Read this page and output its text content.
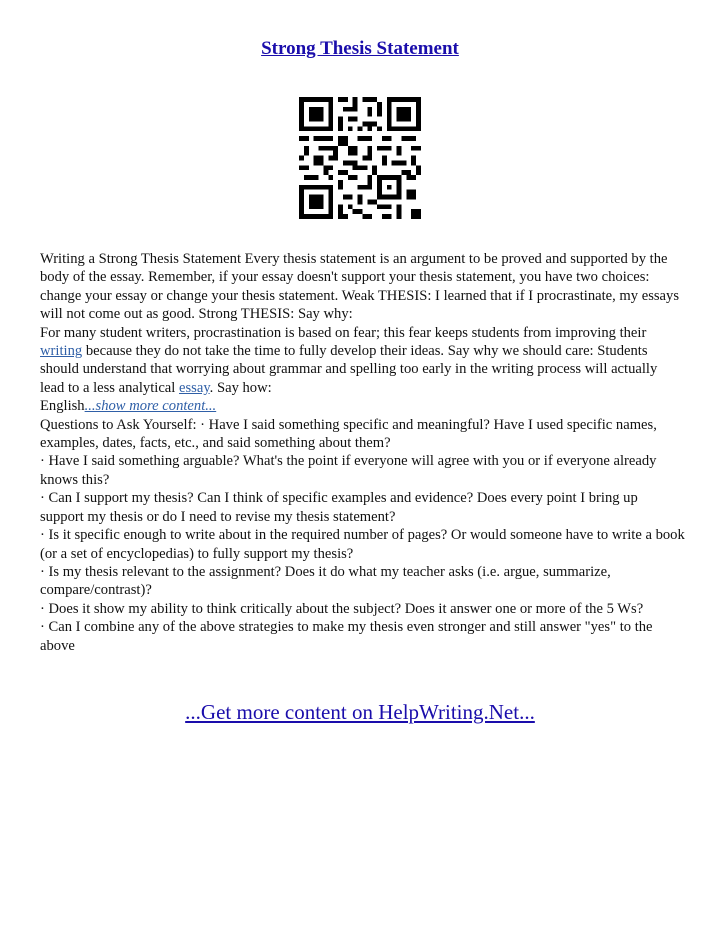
Strong Thesis Statement

Writing a Strong Thesis Statement Every thesis statement is an argument to be proved and supported by the body of the essay. Remember, if your essay doesn't support your thesis statement, you have two choices: change your essay or change your thesis statement. Weak THESIS: I learned that if I procrastinate, my essays will not come out as good. Strong THESIS: Say why:

For many student writers, procrastination is based on fear; this fear keeps students from improving their writing because they do not take the time to fully develop their ideas. Say why we should care: Students should understand that worrying about grammar and spelling too early in the writing process will actually lead to a less analytical essay. Say how:

English...show more content...

Questions to Ask Yourself: · Have I said something specific and meaningful? Have I used specific names, examples, dates, facts, etc., and said something about them?

· Have I said something arguable? What's the point if everyone will agree with you or if everyone already knows this?

· Can I support my thesis? Can I think of specific examples and evidence? Does every point I bring up support my thesis or do I need to revise my thesis statement?

· Is it specific enough to write about in the required number of pages? Or would someone have to write a book (or a set of encyclopedias) to fully support my thesis?

· Is my thesis relevant to the assignment? Does it do what my teacher asks (i.e. argue, summarize, compare/contrast)?

· Does it show my ability to think critically about the subject? Does it answer one or more of the 5 Ws?

· Can I combine any of the above strategies to make my thesis even stronger and still answer "yes" to the above

...Get more content on HelpWriting.Net...
